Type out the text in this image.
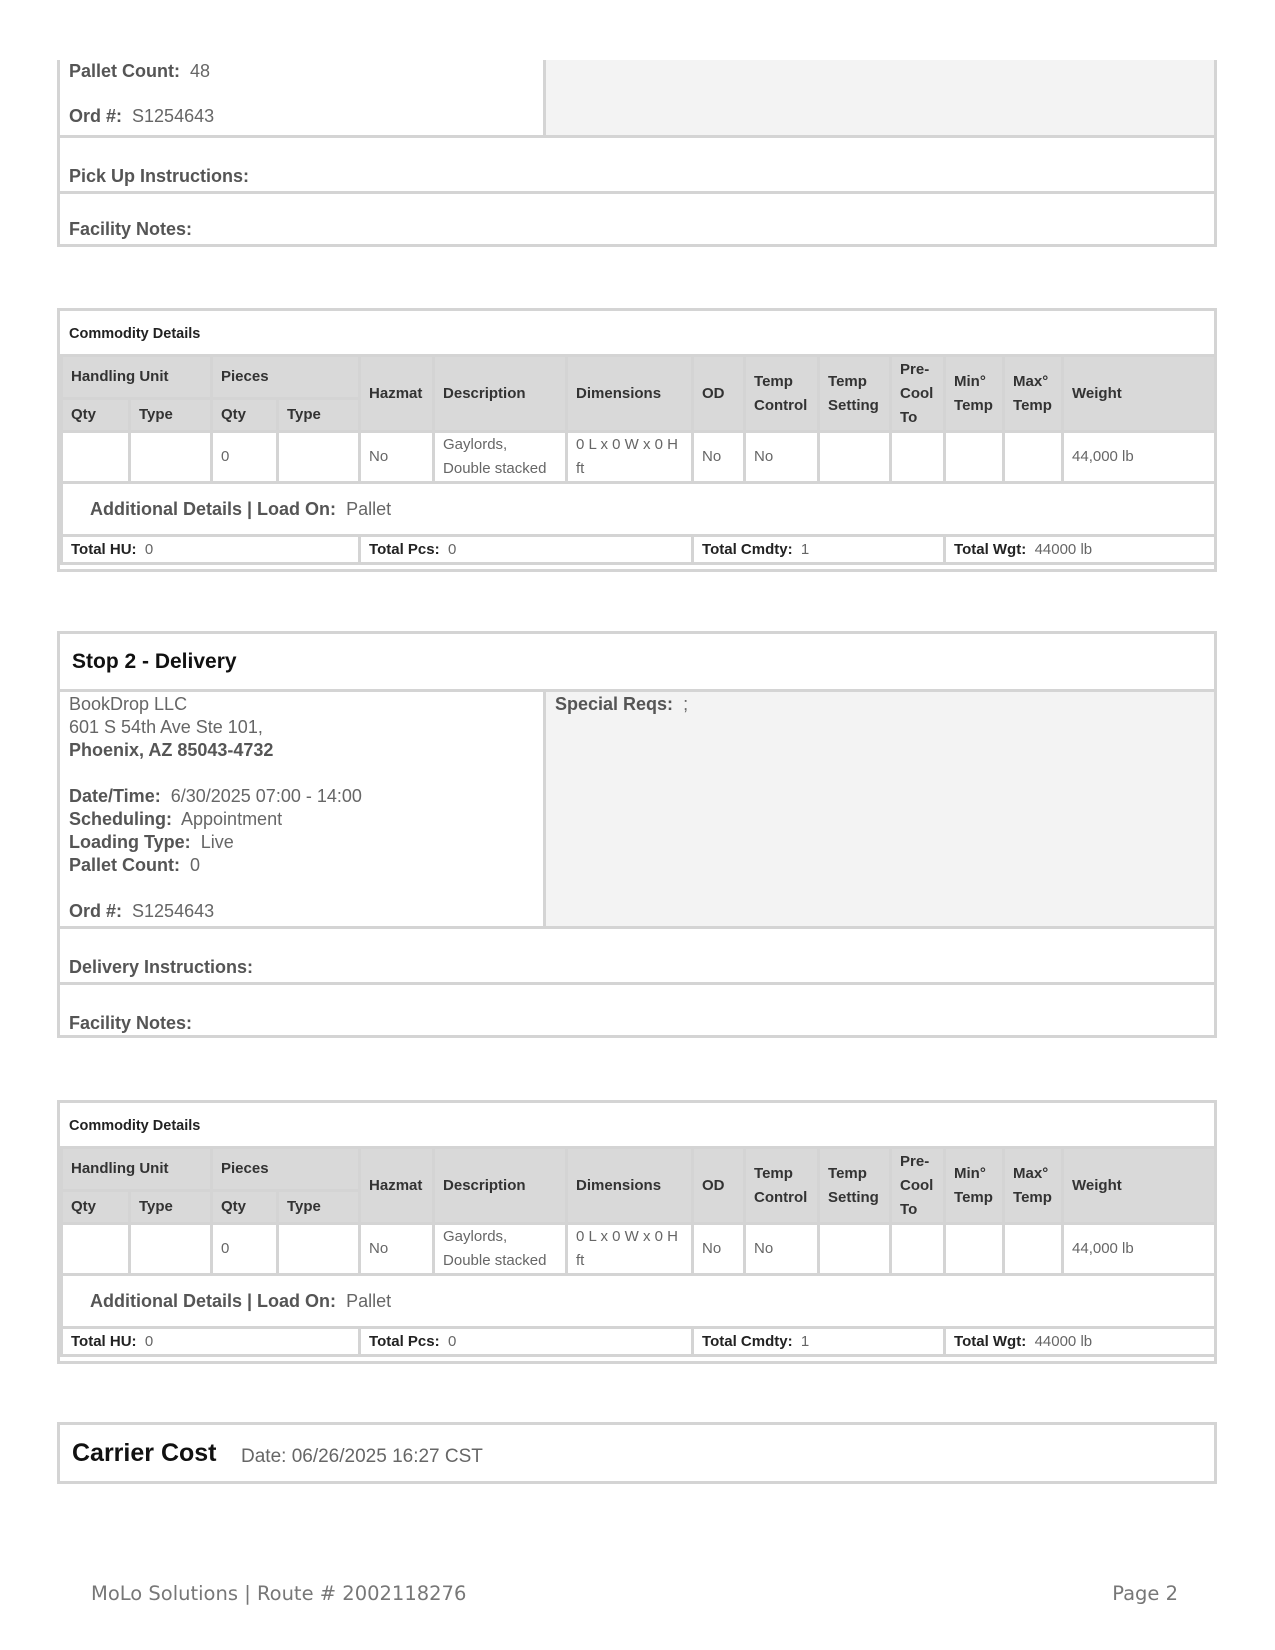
Pallet Count: 48
Ord #: S1254643
Pick Up Instructions:
Facility Notes:
Commodity Details
Handling Unit		Pieces		Hazmat	Description	Dimensions	OD	Temp Control	Temp Setting	Pre-Cool To	Min° Temp	Max° Temp	Weight
Qty	Type	Qty	Type										
		0		No	Gaylords, Double stacked	0 L x 0 W x 0 H ft	No	No					44,000 lb
Additional Details | Load On: Pallet													
Total HU: 0				Total Pcs: 0			Total Cmdty: 1				Total Wgt: 44000 lb		
Stop 2 - Delivery
BookDrop LLC
601 S 54th Ave Ste 101,
Phoenix, AZ 85043-4732
Date/Time: 6/30/2025 07:00 - 14:00
Scheduling: Appointment
Loading Type: Live
Pallet Count: 0
Ord #: S1254643
Special Reqs: ;
Delivery Instructions:
Facility Notes:
Commodity Details
Handling Unit		Pieces		Hazmat	Description	Dimensions	OD	Temp Control	Temp Setting	Pre-Cool To	Min° Temp	Max° Temp	Weight
Qty	Type	Qty	Type										
		0		No	Gaylords, Double stacked	0 L x 0 W x 0 H ft	No	No					44,000 lb
Additional Details | Load On: Pallet													
Total HU: 0				Total Pcs: 0			Total Cmdty: 1				Total Wgt: 44000 lb		
Carrier Cost Date: 06/26/2025 16:27 CST
MoLo Solutions | Route # 2002118276	Page 2
